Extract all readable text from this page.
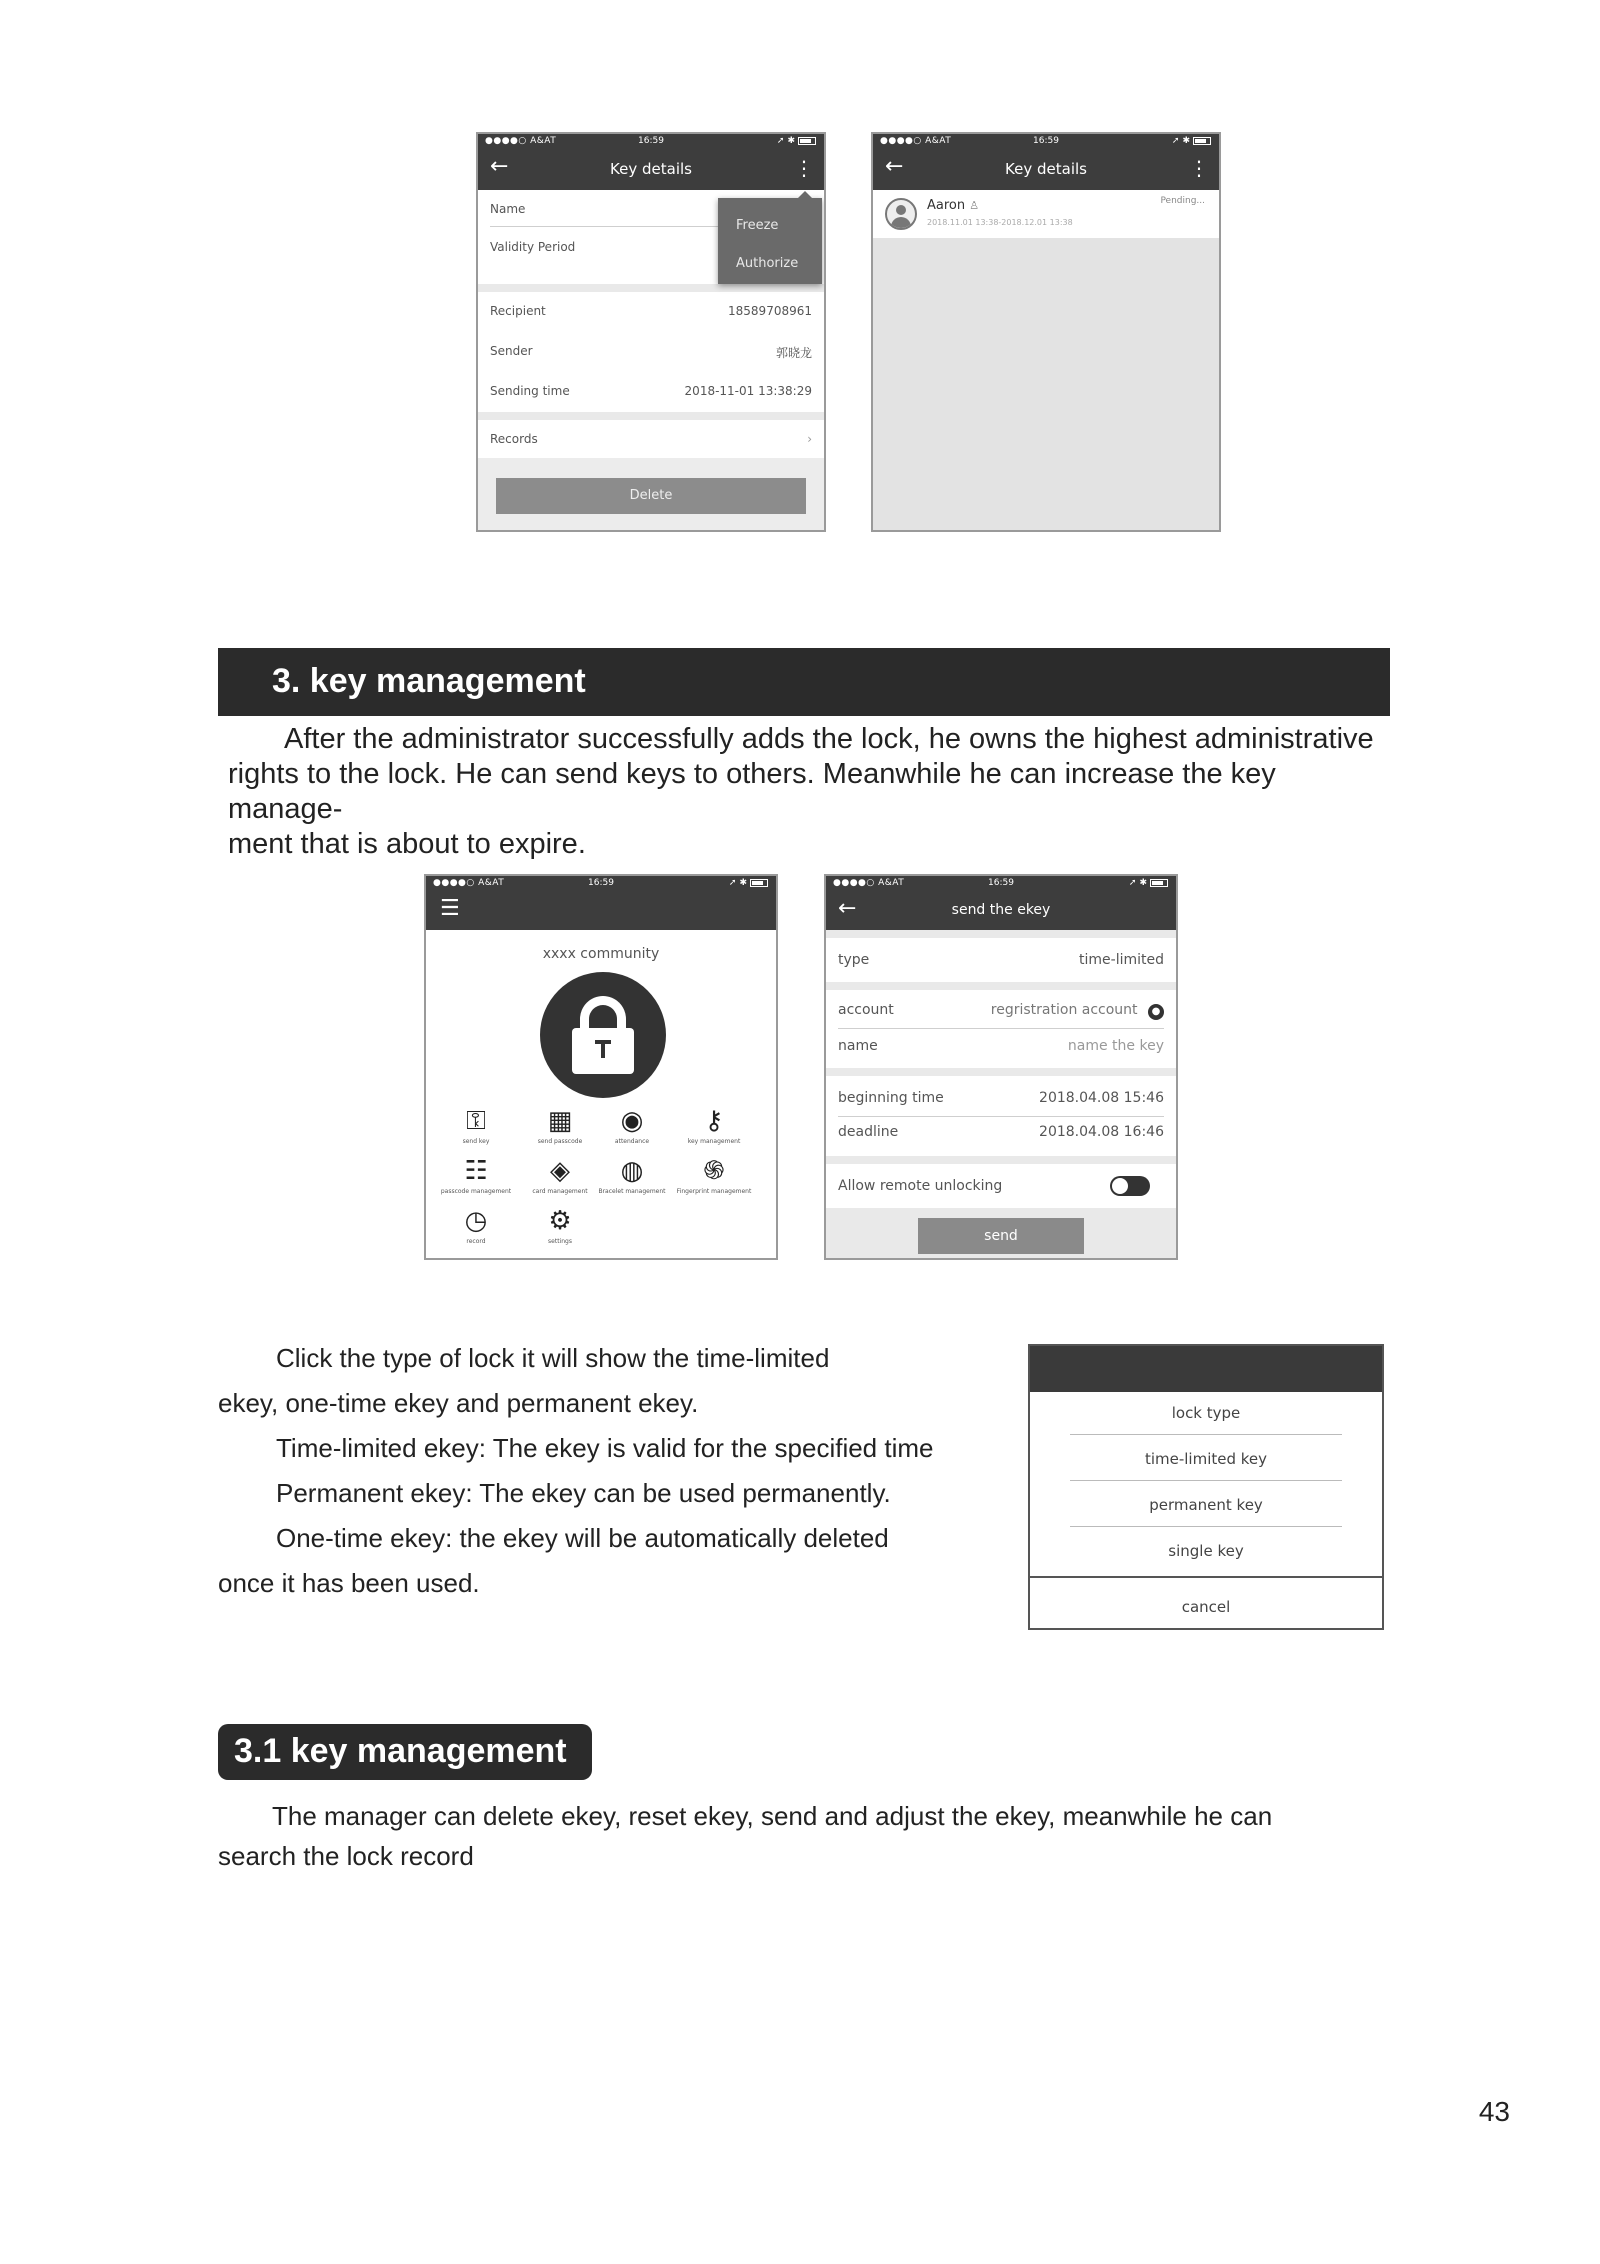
●●●●○ A&AT	16:59	➚ ✱
←	Key details	⋮
Name
Validity Period
Recipient	18589708961
Sender	郭晓龙
Sending time	2018-11-01 13:38:29
Records	›
Delete
Freeze
Authorize
●●●●○ A&AT	16:59	➚ ✱
←	Key details	⋮
Aaron ♙
2018.11.01 13:38-2018.12.01 13:38
Pending...
3. key management
After the administrator successfully adds the lock, he owns the highest administrative
rights to the lock. He can send keys to others. Meanwhile he can increase the key manage-
ment that is about to expire.
●●●●○ A&AT	16:59	➚ ✱
☰
xxxx community
⚿
send key
▦
send passcode
◉
attendance
⚷
key management
☷
passcode management
◈
card management
◍
Bracelet management
֍
Fingerprint management
◷
record
⚙
settings
●●●●○ A&AT	16:59	➚ ✱
←	send the ekey
type	time-limited
account	regristration account ●
name	name the key
beginning time	2018.04.08 15:46
deadline	2018.04.08 16:46
Allow remote unlocking
send
Click the type of lock it will show the time-limited
ekey, one-time ekey and permanent ekey.
Time-limited ekey: The ekey is valid for the specified time
Permanent ekey: The ekey can be used permanently.
One-time ekey: the ekey will be automatically deleted
once it has been used.
lock type
time-limited key
permanent key
single key
cancel
3.1 key management
The manager can delete ekey, reset ekey, send and adjust the ekey, meanwhile he can
search the lock record
43
